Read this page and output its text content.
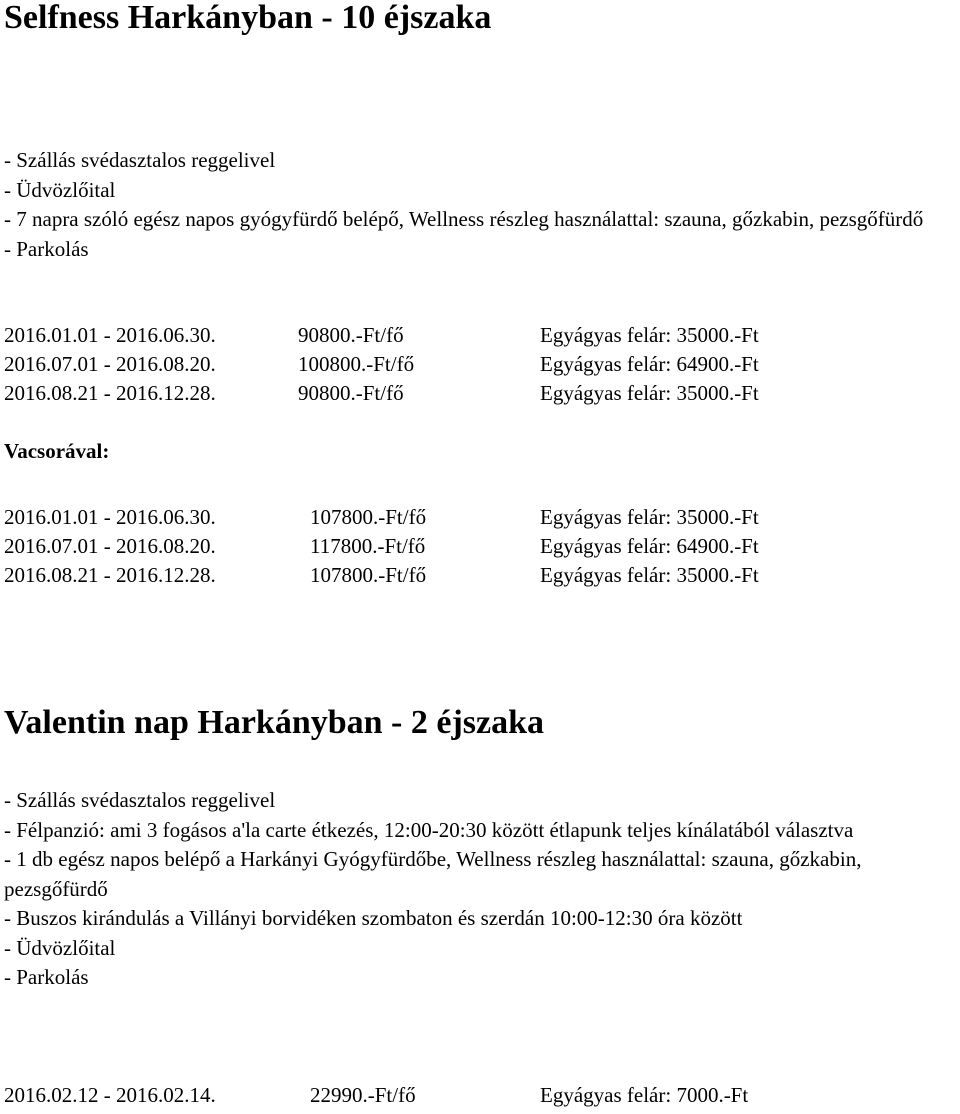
Selfness Harkányban - 10 éjszaka

- Szállás svédasztalos reggelivel

- Üdvözlőital

- 7 napra szóló egész napos gyógyfürdő belépő, Wellness részleg használattal: szauna, gőzkabin, pezsgőfürdő

- Parkolás

2016.01.01 - 2016.06.30.	90800.-Ft/fő	Egyágyas felár: 35000.-Ft
2016.07.01 - 2016.08.20.	100800.-Ft/fő	Egyágyas felár: 64900.-Ft
2016.08.21 - 2016.12.28.	90800.-Ft/fő	Egyágyas felár: 35000.-Ft
Vacsorával:
2016.01.01 - 2016.06.30.	107800.-Ft/fő	Egyágyas felár: 35000.-Ft
2016.07.01 - 2016.08.20.	117800.-Ft/fő	Egyágyas felár: 64900.-Ft
2016.08.21 - 2016.12.28.	107800.-Ft/fő	Egyágyas felár: 35000.-Ft
Valentin nap Harkányban - 2 éjszaka

- Szállás svédasztalos reggelivel

- Félpanzió: ami 3 fogásos a'la carte étkezés, 12:00-20:30 között étlapunk teljes kínálatából választva

- 1 db egész napos belépő a Harkányi Gyógyfürdőbe, Wellness részleg használattal: szauna, gőzkabin, pezsgőfürdő

- Buszos kirándulás a Villányi borvidéken szombaton és szerdán 10:00-12:30 óra között

- Üdvözlőital

- Parkolás

2016.02.12 - 2016.02.14.	22990.-Ft/fő	Egyágyas felár: 7000.-Ft
